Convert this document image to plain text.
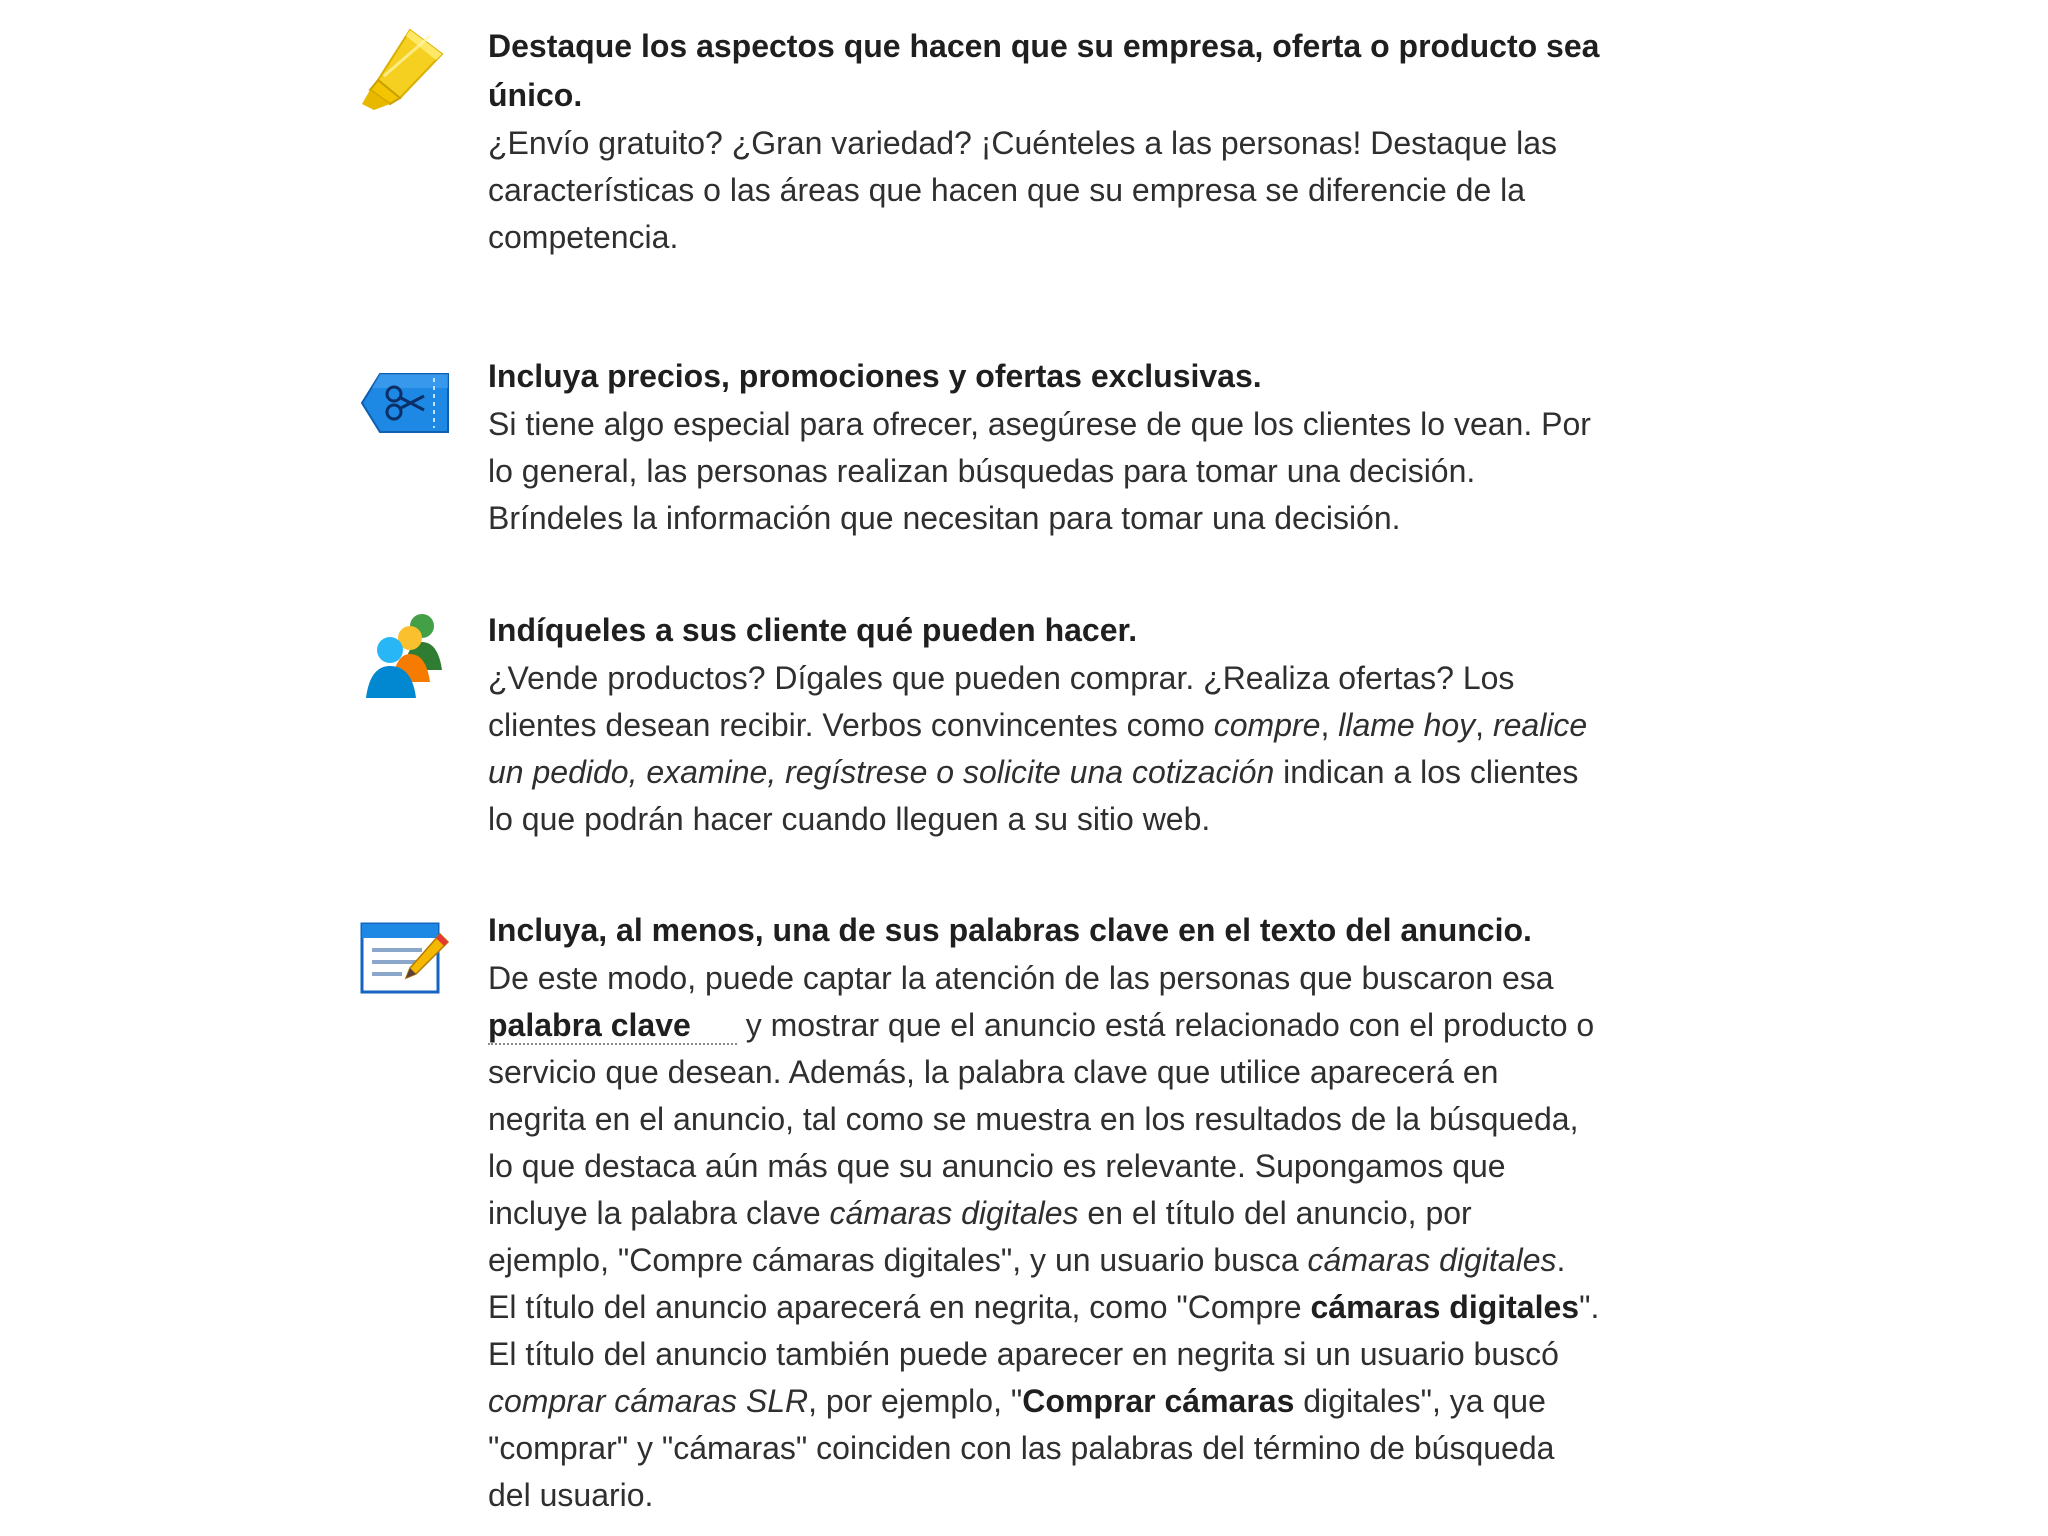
Destaque los aspectos que hacen que su empresa, oferta o producto sea único.

¿Envío gratuito? ¿Gran variedad? ¡Cuénteles a las personas! Destaque las características o las áreas que hacen que su empresa se diferencie de la competencia.

Incluya precios, promociones y ofertas exclusivas.

Si tiene algo especial para ofrecer, asegúrese de que los clientes lo vean. Por lo general, las personas realizan búsquedas para tomar una decisión. Bríndeles la información que necesitan para tomar una decisión.

Indíqueles a sus cliente qué pueden hacer.

¿Vende productos? Dígales que pueden comprar. ¿Realiza ofertas? Los clientes desean recibir. Verbos convincentes como compre, llame hoy, realice un pedido, examine, regístrese o solicite una cotización indican a los clientes lo que podrán hacer cuando lleguen a su sitio web.

Incluya, al menos, una de sus palabras clave en el texto del anuncio.

De este modo, puede captar la atención de las personas que buscaron esa palabra clave y mostrar que el anuncio está relacionado con el producto o servicio que desean. Además, la palabra clave que utilice aparecerá en negrita en el anuncio, tal como se muestra en los resultados de la búsqueda, lo que destaca aún más que su anuncio es relevante. Supongamos que incluye la palabra clave cámaras digitales en el título del anuncio, por ejemplo, "Compre cámaras digitales", y un usuario busca cámaras digitales. El título del anuncio aparecerá en negrita, como "Compre cámaras digitales". El título del anuncio también puede aparecer en negrita si un usuario buscó comprar cámaras SLR, por ejemplo, "Comprar cámaras digitales", ya que "comprar" y "cámaras" coinciden con las palabras del término de búsqueda del usuario.
